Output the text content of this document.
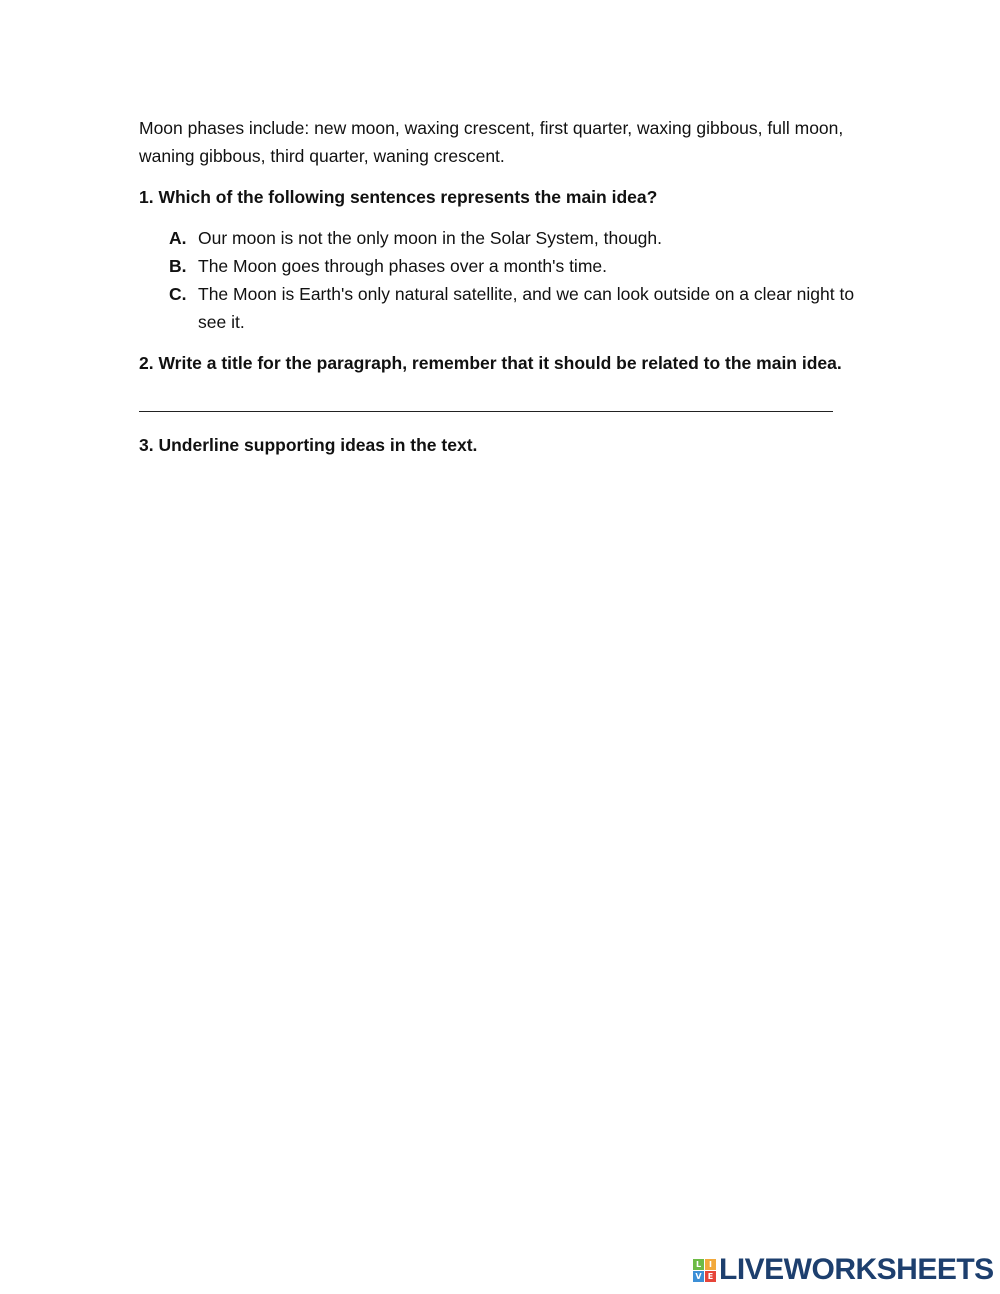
Moon phases include: new moon, waxing crescent, first quarter, waxing gibbous, full moon, waning gibbous, third quarter, waning crescent.

1. Which of the following sentences represents the main idea?

A. Our moon is not the only moon in the Solar System, though.
B. The Moon goes through phases over a month's time.
C. The Moon is Earth's only natural satellite, and we can look outside on a clear night to see it.

2. Write a title for the paragraph, remember that it should be related to the main idea.

3. Underline supporting ideas in the text.

L I
V E LIVEWORKSHEETS
